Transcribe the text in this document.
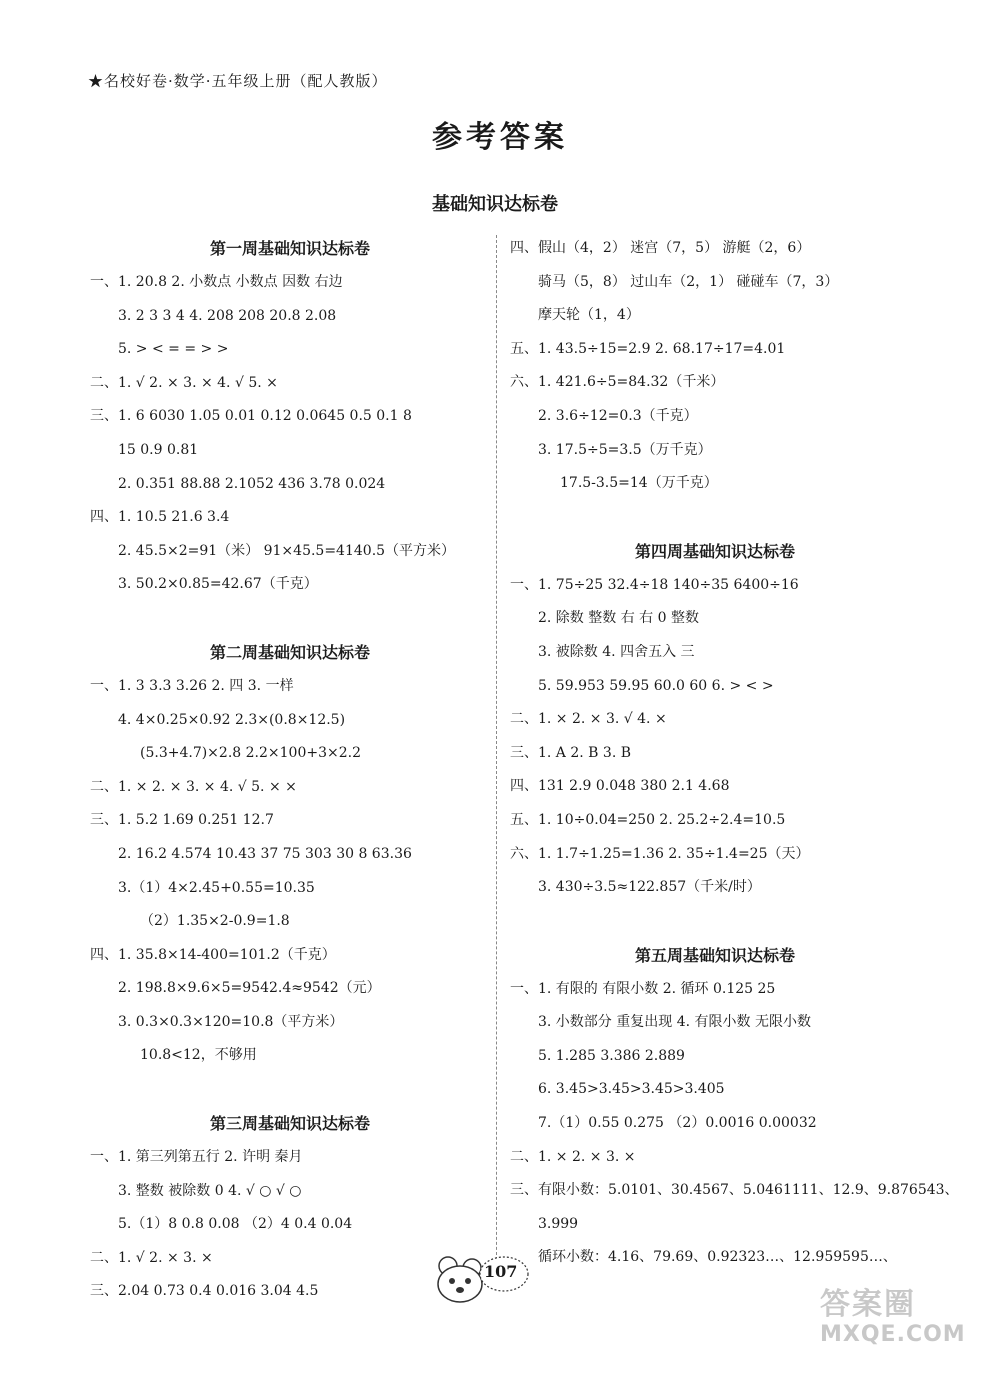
★名校好卷·数学·五年级上册（配人教版）
参考答案
基础知识达标卷
第一周基础知识达标卷
一、1. 20.8 2. 小数点 小数点 因数 右边
3. 2 3 3 4 4. 208 208 20.8 2.08
5. > < = = > >
二、1. √ 2. × 3. × 4. √ 5. ×
三、1. 6 6030 1.05 0.01 0.12 0.0645 0.5 0.1 8
15 0.9 0.81
2. 0.351 88.88 2.1052 436 3.78 0.024
四、1. 10.5 21.6 3.4
2. 45.5×2=91（米） 91×45.5=4140.5（平方米）
3. 50.2×0.85=42.67（千克）
第二周基础知识达标卷
一、1. 3 3.3 3.26 2. 四 3. 一样
4. 4×0.25×0.92 2.3×(0.8×12.5)
(5.3+4.7)×2.8 2.2×100+3×2.2
二、1. × 2. × 3. × 4. √ 5. × ×
三、1. 5.2 1.69 0.251 12.7
2. 16.2 4.574 10.43 37 75 303 30 8 63.36
3.（1）4×2.45+0.55=10.35
（2）1.35×2-0.9=1.8
四、1. 35.8×14-400=101.2（千克）
2. 198.8×9.6×5=9542.4≈9542（元）
3. 0.3×0.3×120=10.8（平方米）
10.8<12，不够用
第三周基础知识达标卷
一、1. 第三列第五行 2. 许明 秦月
3. 整数 被除数 0 4. √ ○ √ ○
5.（1）8 0.8 0.08 （2）4 0.4 0.04
二、1. √ 2. × 3. ×
三、2.04 0.73 0.4 0.016 3.04 4.5
四、假山（4，2） 迷宫（7，5） 游艇（2，6）
骑马（5，8） 过山车（2，1） 碰碰车（7，3）
摩天轮（1，4）
五、1. 43.5÷15=2.9 2. 68.17÷17=4.01
六、1. 421.6÷5=84.32（千米）
2. 3.6÷12=0.3（千克）
3. 17.5÷5=3.5（万千克）
17.5-3.5=14（万千克）
第四周基础知识达标卷
一、1. 75÷25 32.4÷18 140÷35 6400÷16
2. 除数 整数 右 右 0 整数
3. 被除数 4. 四舍五入 三
5. 59.953 59.95 60.0 60 6. > < >
二、1. × 2. × 3. √ 4. ×
三、1. A 2. B 3. B
四、131 2.9 0.048 380 2.1 4.68
五、1. 10÷0.04=250 2. 25.2÷2.4=10.5
六、1. 1.7÷1.25=1.36 2. 35÷1.4=25（天）
3. 430÷3.5≈122.857（千米/时）
第五周基础知识达标卷
一、1. 有限的 有限小数 2. 循环 0.125 25
3. 小数部分 重复出现 4. 有限小数 无限小数
5. 1.285 3.386 2.889
6. 3.45>3.45>3.45>3.405
7.（1）0.55 0.275 （2）0.0016 0.00032
二、1. × 2. × 3. ×
三、有限小数：5.0101、30.4567、5.0461111、12.9、9.876543、
3.999
循环小数：4.16、79.69、0.92323…、12.959595…、
107
答案圈
MXQE.COM
